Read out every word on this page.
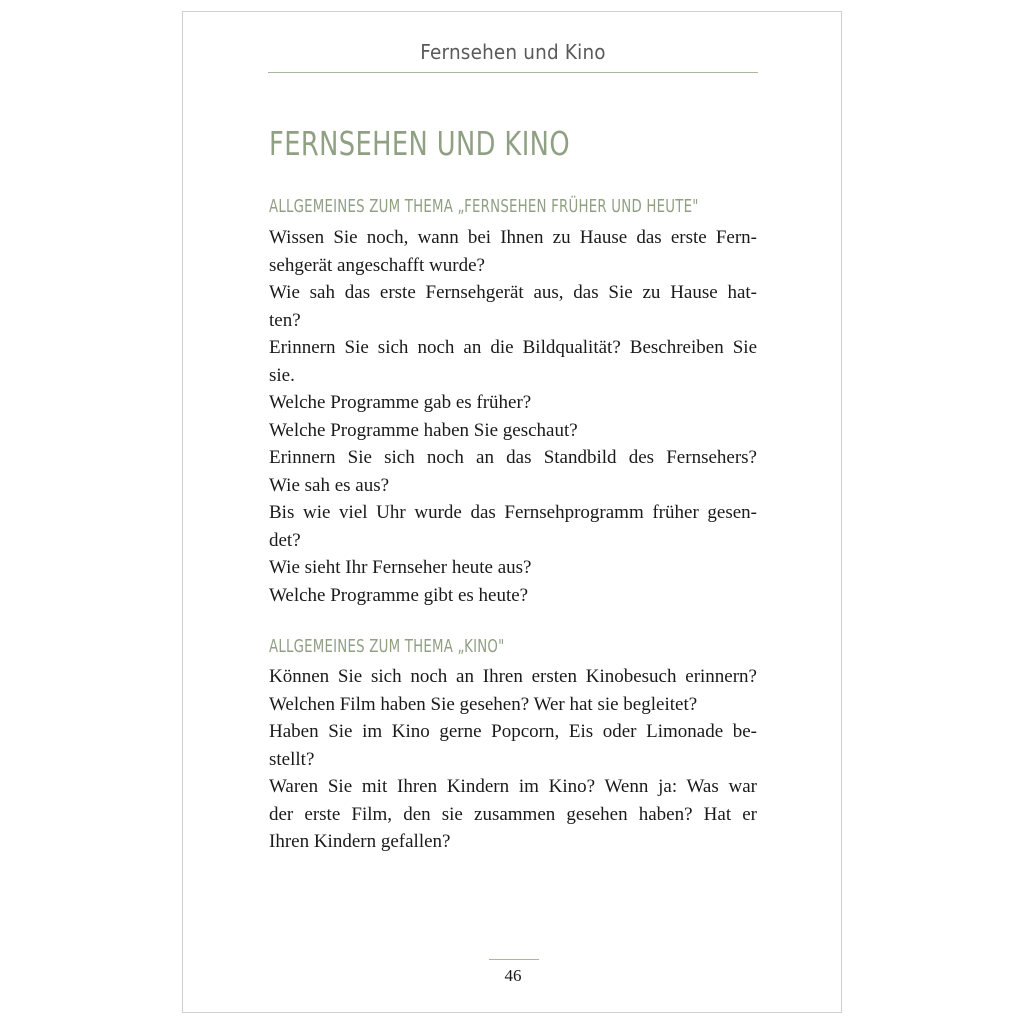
Fernsehen und Kino
FERNSEHEN UND KINO
ALLGEMEINES ZUM THEMA „FERNSEHEN FRÜHER UND HEUTE"
Wissen Sie noch, wann bei Ihnen zu Hause das erste Fern-
sehgerät angeschafft wurde?
Wie sah das erste Fernsehgerät aus, das Sie zu Hause hat-
ten?
Erinnern Sie sich noch an die Bildqualität? Beschreiben Sie
sie.
Welche Programme gab es früher?
Welche Programme haben Sie geschaut?
Erinnern Sie sich noch an das Standbild des Fernsehers?
Wie sah es aus?
Bis wie viel Uhr wurde das Fernsehprogramm früher gesen-
det?
Wie sieht Ihr Fernseher heute aus?
Welche Programme gibt es heute?
ALLGEMEINES ZUM THEMA „KINO"
Können Sie sich noch an Ihren ersten Kinobesuch erinnern?
Welchen Film haben Sie gesehen? Wer hat sie begleitet?
Haben Sie im Kino gerne Popcorn, Eis oder Limonade be-
stellt?
Waren Sie mit Ihren Kindern im Kino? Wenn ja: Was war
der erste Film, den sie zusammen gesehen haben? Hat er
Ihren Kindern gefallen?
46
